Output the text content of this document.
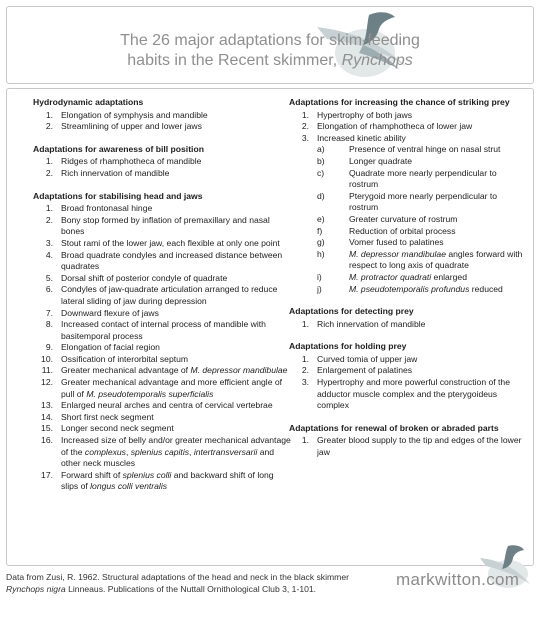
The 26 major adaptations for skim-feeding
habits in the Recent skimmer, Rynchops
Hydrodynamic adaptations
1. Elongation of symphysis and mandible
2. Streamlining of upper and lower jaws
Adaptations for awareness of bill position
1. Ridges of rhamphotheca of mandible
2. Rich innervation of mandible
Adaptations for stabilising head and jaws
1. Broad frontonasal hinge
2. Bony stop formed by inflation of premaxillary and nasal bones
3. Stout rami of the lower jaw, each flexible at only one point
4. Broad quadrate condyles and increased distance between quadrates
5. Dorsal shift of posterior condyle of quadrate
6. Condyles of jaw-quadrate articulation arranged to reduce lateral sliding of jaw during depression
7. Downward flexure of jaws
8. Increased contact of internal process of mandible with basitemporal process
9. Elongation of facial region
10. Ossification of interorbital septum
11. Greater mechanical advantage of M. depressor mandibulae
12. Greater mechanical advantage and more efficient angle of pull of M. pseudotemporalis superficialis
13. Enlarged neural arches and centra of cervical vertebrae
14. Short first neck segment
15. Longer second neck segment
16. Increased size of belly and/or greater mechanical advantage of the complexus, splenius capitis, intertransversarii and other neck muscles
17. Forward shift of splenius colli and backward shift of long slips of longus colli ventralis
Adaptations for increasing the chance of striking prey
1. Hypertrophy of both jaws
2. Elongation of rhamphotheca of lower jaw
3. Increased kinetic ability
a)	Presence of ventral hinge on nasal strut
b)	Longer quadrate
c)	Quadrate more nearly perpendicular to rostrum
d)	Pterygoid more nearly perpendicular to rostrum
e)	Greater curvature of rostrum
f)	Reduction of orbital process
g)	Vomer fused to palatines
h)	M. depressor mandibulae angles forward with respect to long axis of quadrate
i)	M. protractor quadrati enlarged
j)	M. pseudotemporalis profundus reduced
Adaptations for detecting prey
1. Rich innervation of mandible
Adaptations for holding prey
1. Curved tomia of upper jaw
2. Enlargement of palatines
3. Hypertrophy and more powerful construction of the adductor muscle complex and the pterygoideus complex
Adaptations for renewal of broken or abraded parts
1. Greater blood supply to the tip and edges of the lower jaw
Data from Zusi, R. 1962. Structural adaptations of the head and neck in the black skimmer
Rynchops nigra Linneaus. Publications of the Nuttall Ornithological Club 3, 1-101.	markwitton.com
